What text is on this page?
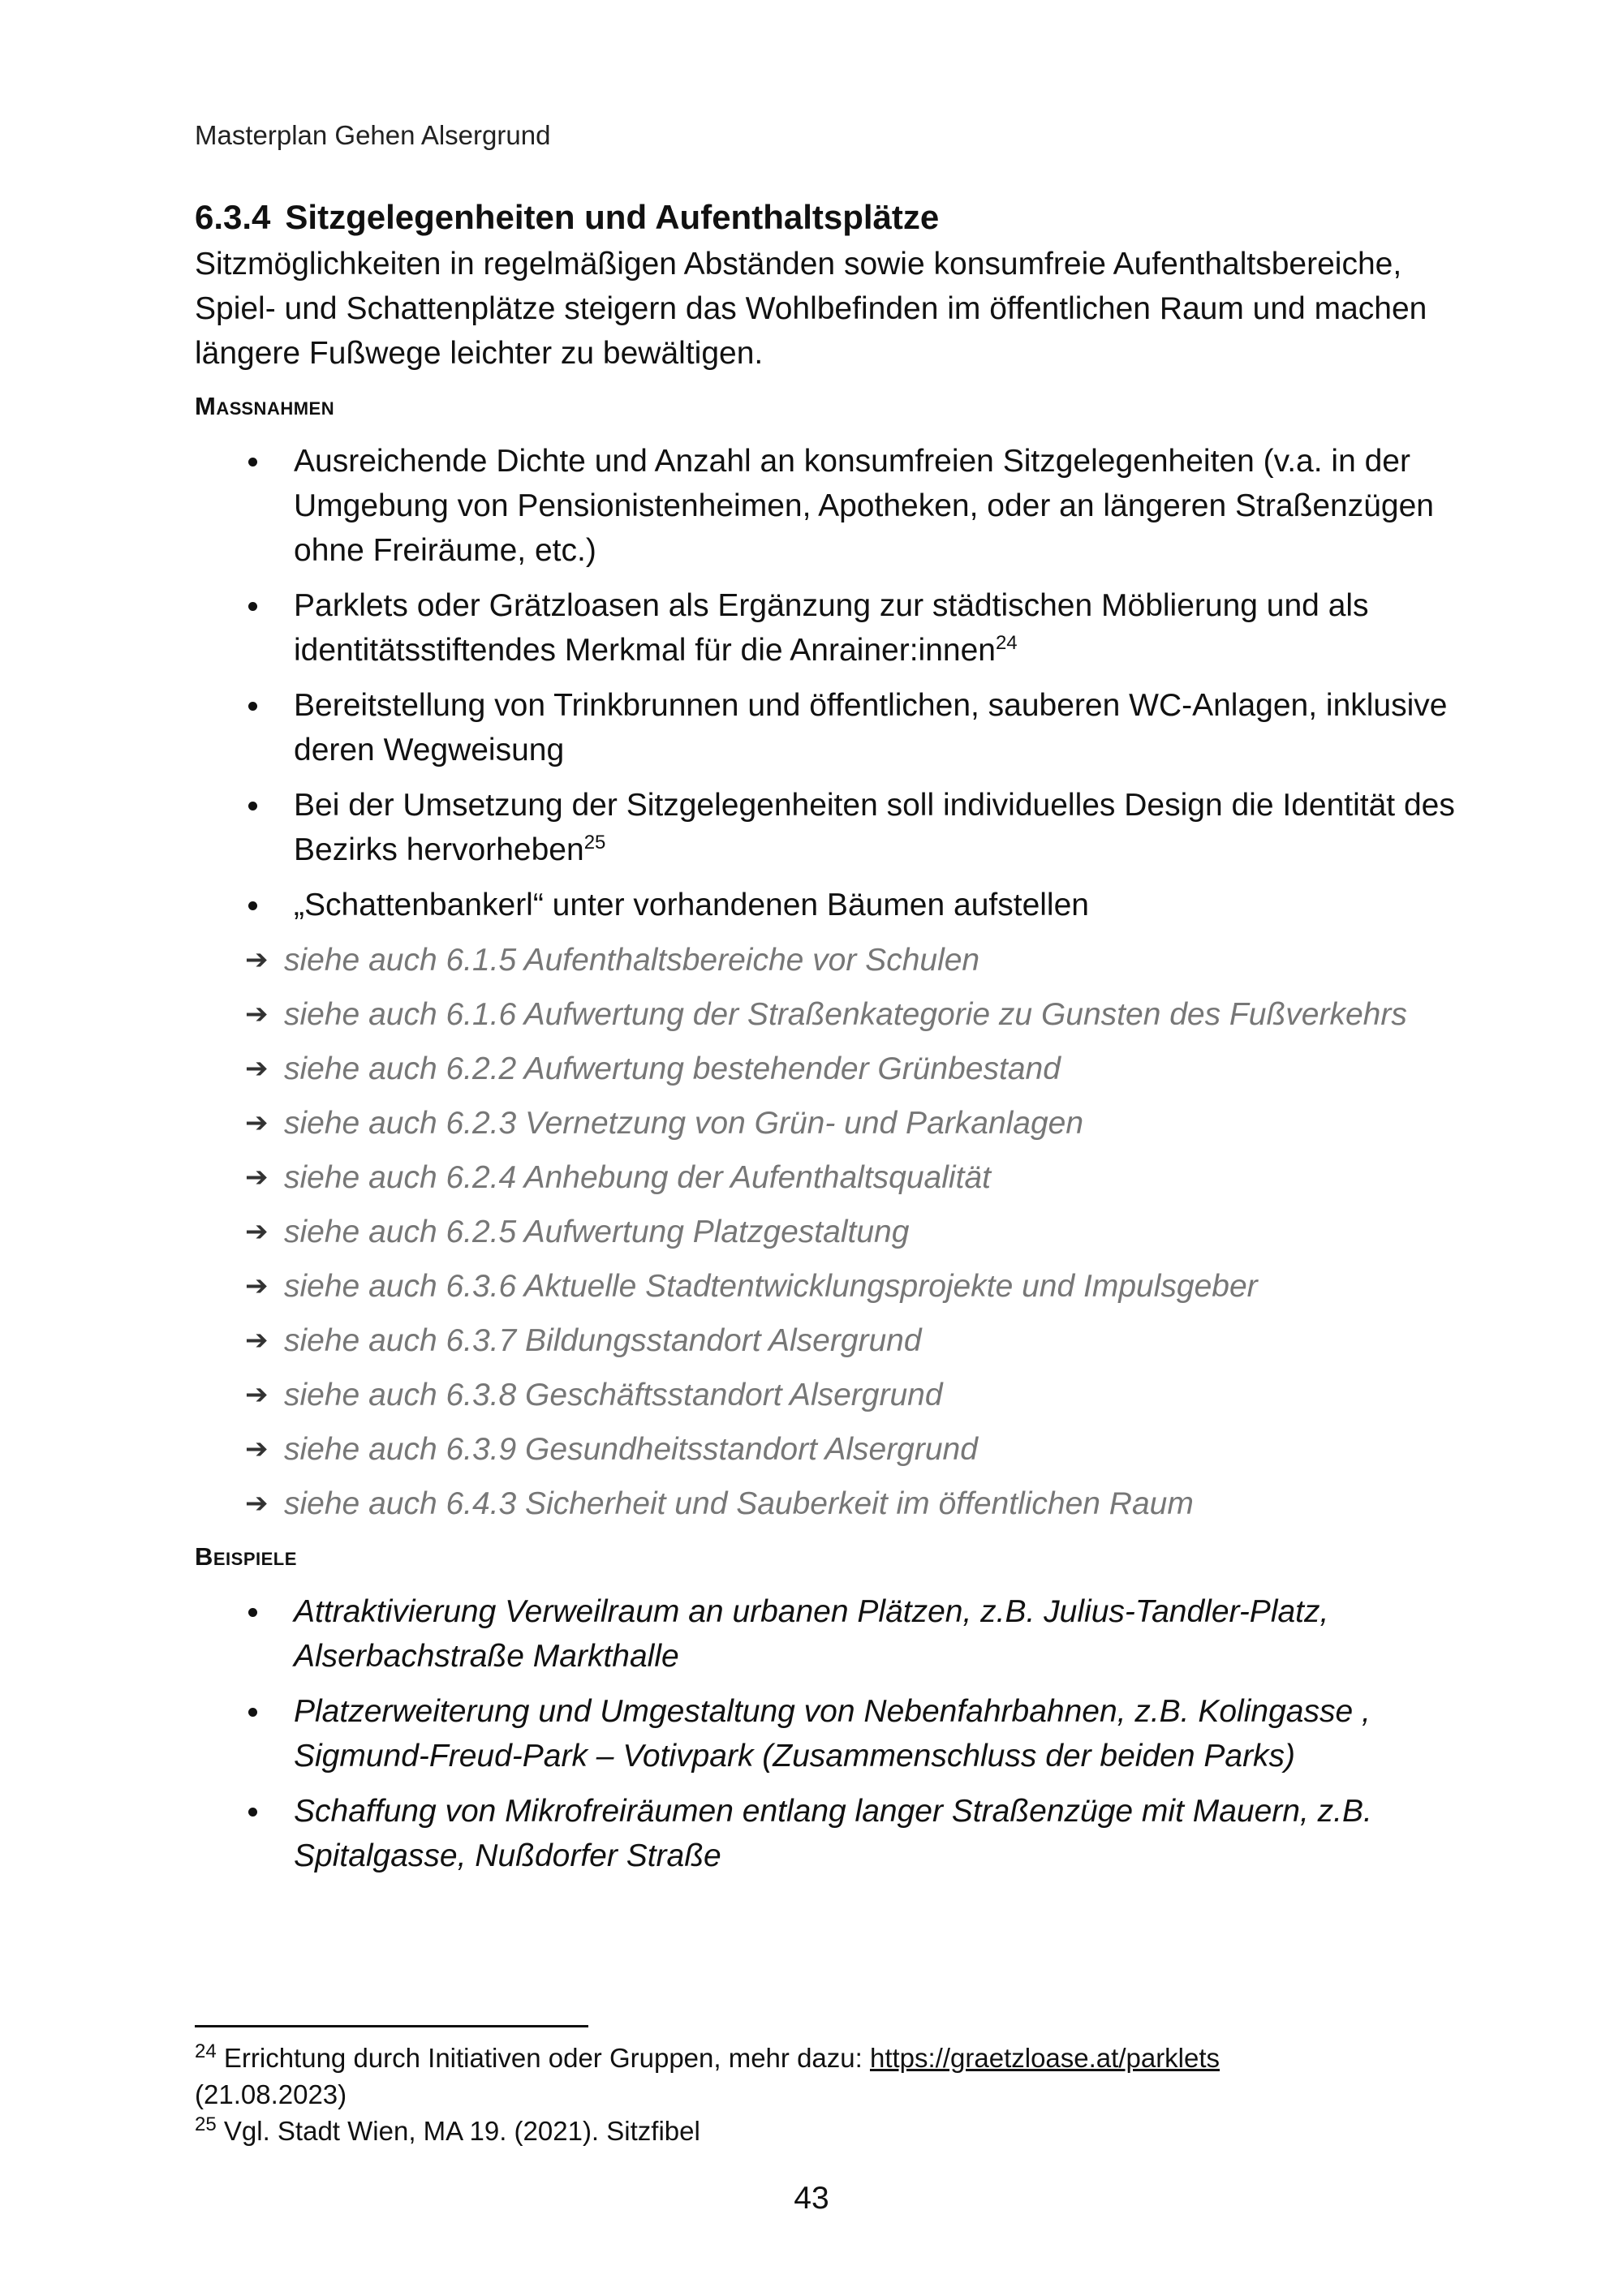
Masterplan Gehen Alsergrund
6.3.4 Sitzgelegenheiten und Aufenthaltsplätze

Sitzmöglichkeiten in regelmäßigen Abständen sowie konsumfreie Aufenthaltsbereiche, Spiel- und Schattenplätze steigern das Wohlbefinden im öffentlichen Raum und machen längere Fußwege leichter zu bewältigen.

Maßnahmen
Ausreichende Dichte und Anzahl an konsumfreien Sitzgelegenheiten (v.a. in der Umgebung von Pensionistenheimen, Apotheken, oder an längeren Straßenzügen ohne Freiräume, etc.)
Parklets oder Grätzloasen als Ergänzung zur städtischen Möblierung und als identitätsstiftendes Merkmal für die Anrainer:innen$^{24}$
Bereitstellung von Trinkbrunnen und öffentlichen, sauberen WC-Anlagen, inklusive deren Wegweisung
Bei der Umsetzung der Sitzgelegenheiten soll individuelles Design die Identität des Bezirks hervorheben$^{25}$
„Schattenbankerl“ unter vorhandenen Bäumen aufstellen
➔ siehe auch 6.1.5 Aufenthaltsbereiche vor Schulen
➔ siehe auch 6.1.6 Aufwertung der Straßenkategorie zu Gunsten des Fußverkehrs
➔ siehe auch 6.2.2 Aufwertung bestehender Grünbestand
➔ siehe auch 6.2.3 Vernetzung von Grün- und Parkanlagen
➔ siehe auch 6.2.4 Anhebung der Aufenthaltsqualität
➔ siehe auch 6.2.5 Aufwertung Platzgestaltung
➔ siehe auch 6.3.6 Aktuelle Stadtentwicklungsprojekte und Impulsgeber
➔ siehe auch 6.3.7 Bildungsstandort Alsergrund
➔ siehe auch 6.3.8 Geschäftsstandort Alsergrund
➔ siehe auch 6.3.9 Gesundheitsstandort Alsergrund
➔ siehe auch 6.4.3 Sicherheit und Sauberkeit im öffentlichen Raum
Beispiele
Attraktivierung Verweilraum an urbanen Plätzen, z.B. Julius-Tandler-Platz, Alserbachstraße Markthalle
Platzerweiterung und Umgestaltung von Nebenfahrbahnen, z.B. Kolingasse , Sigmund-Freud-Park – Votivpark (Zusammenschluss der beiden Parks)
Schaffung von Mikrofreiräumen entlang langer Straßenzüge mit Mauern, z.B. Spitalgasse, Nußdorfer Straße

$^{24}$ Errichtung durch Initiativen oder Gruppen, mehr dazu: https://graetzloase.at/parklets
(21.08.2023)

$^{25}$ Vgl. Stadt Wien, MA 19. (2021). Sitzfibel

43
